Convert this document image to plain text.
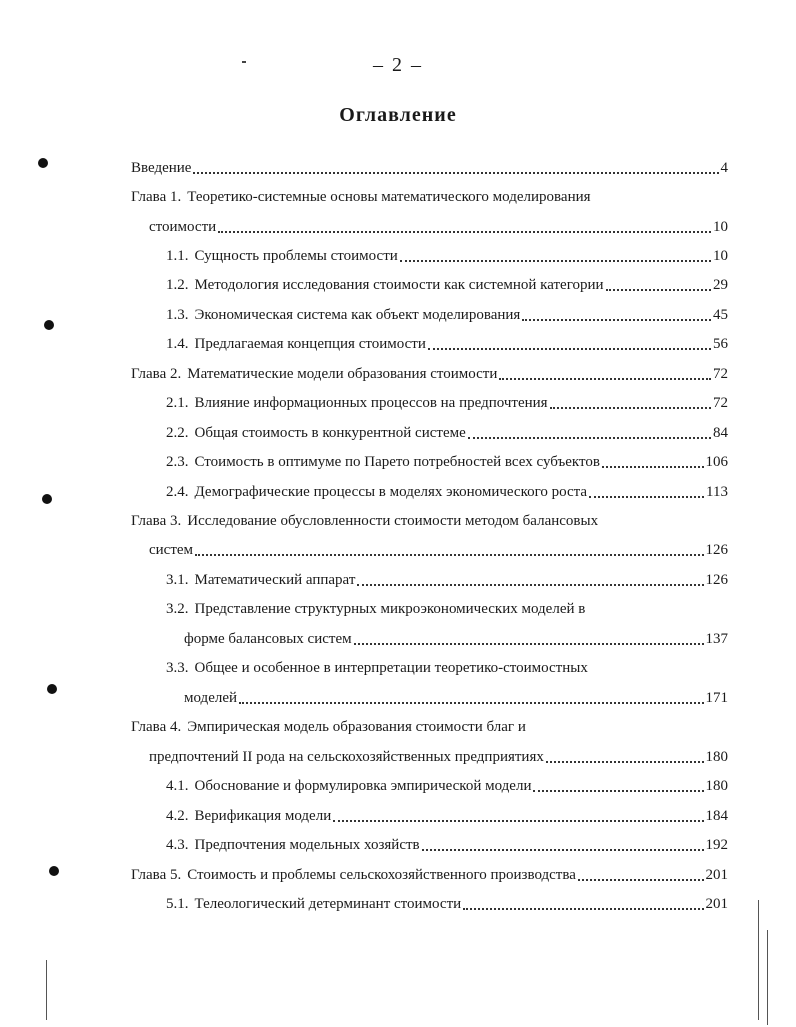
– 2 –
Оглавление
Введение	4
Глава 1. Теоретико-системные основы математического моделирования
стоимости	10
1.1. Сущность проблемы стоимости	10
1.2. Методология исследования стоимости как системной категории	29
1.3. Экономическая система как объект моделирования	45
1.4. Предлагаемая концепция стоимости	56
Глава 2. Математические модели образования стоимости	72
2.1. Влияние информационных процессов на предпочтения	72
2.2. Общая стоимость в конкурентной системе	84
2.3. Стоимость в оптимуме по Парето потребностей всех субъектов	106
2.4. Демографические процессы в моделях экономического роста	113
Глава 3. Исследование обусловленности стоимости методом балансовых
систем	126
3.1. Математический аппарат	126
3.2. Представление структурных микроэкономических моделей в
форме балансовых систем	137
3.3. Общее и особенное в интерпретации теоретико-стоимостных
моделей	171
Глава 4. Эмпирическая модель образования стоимости благ и
предпочтений II рода на сельскохозяйственных предприятиях	180
4.1. Обоснование и формулировка эмпирической модели	180
4.2. Верификация модели	184
4.3. Предпочтения модельных хозяйств	192
Глава 5. Стоимость и проблемы сельскохозяйственного производства	201
5.1. Телеологический детерминант стоимости	201
